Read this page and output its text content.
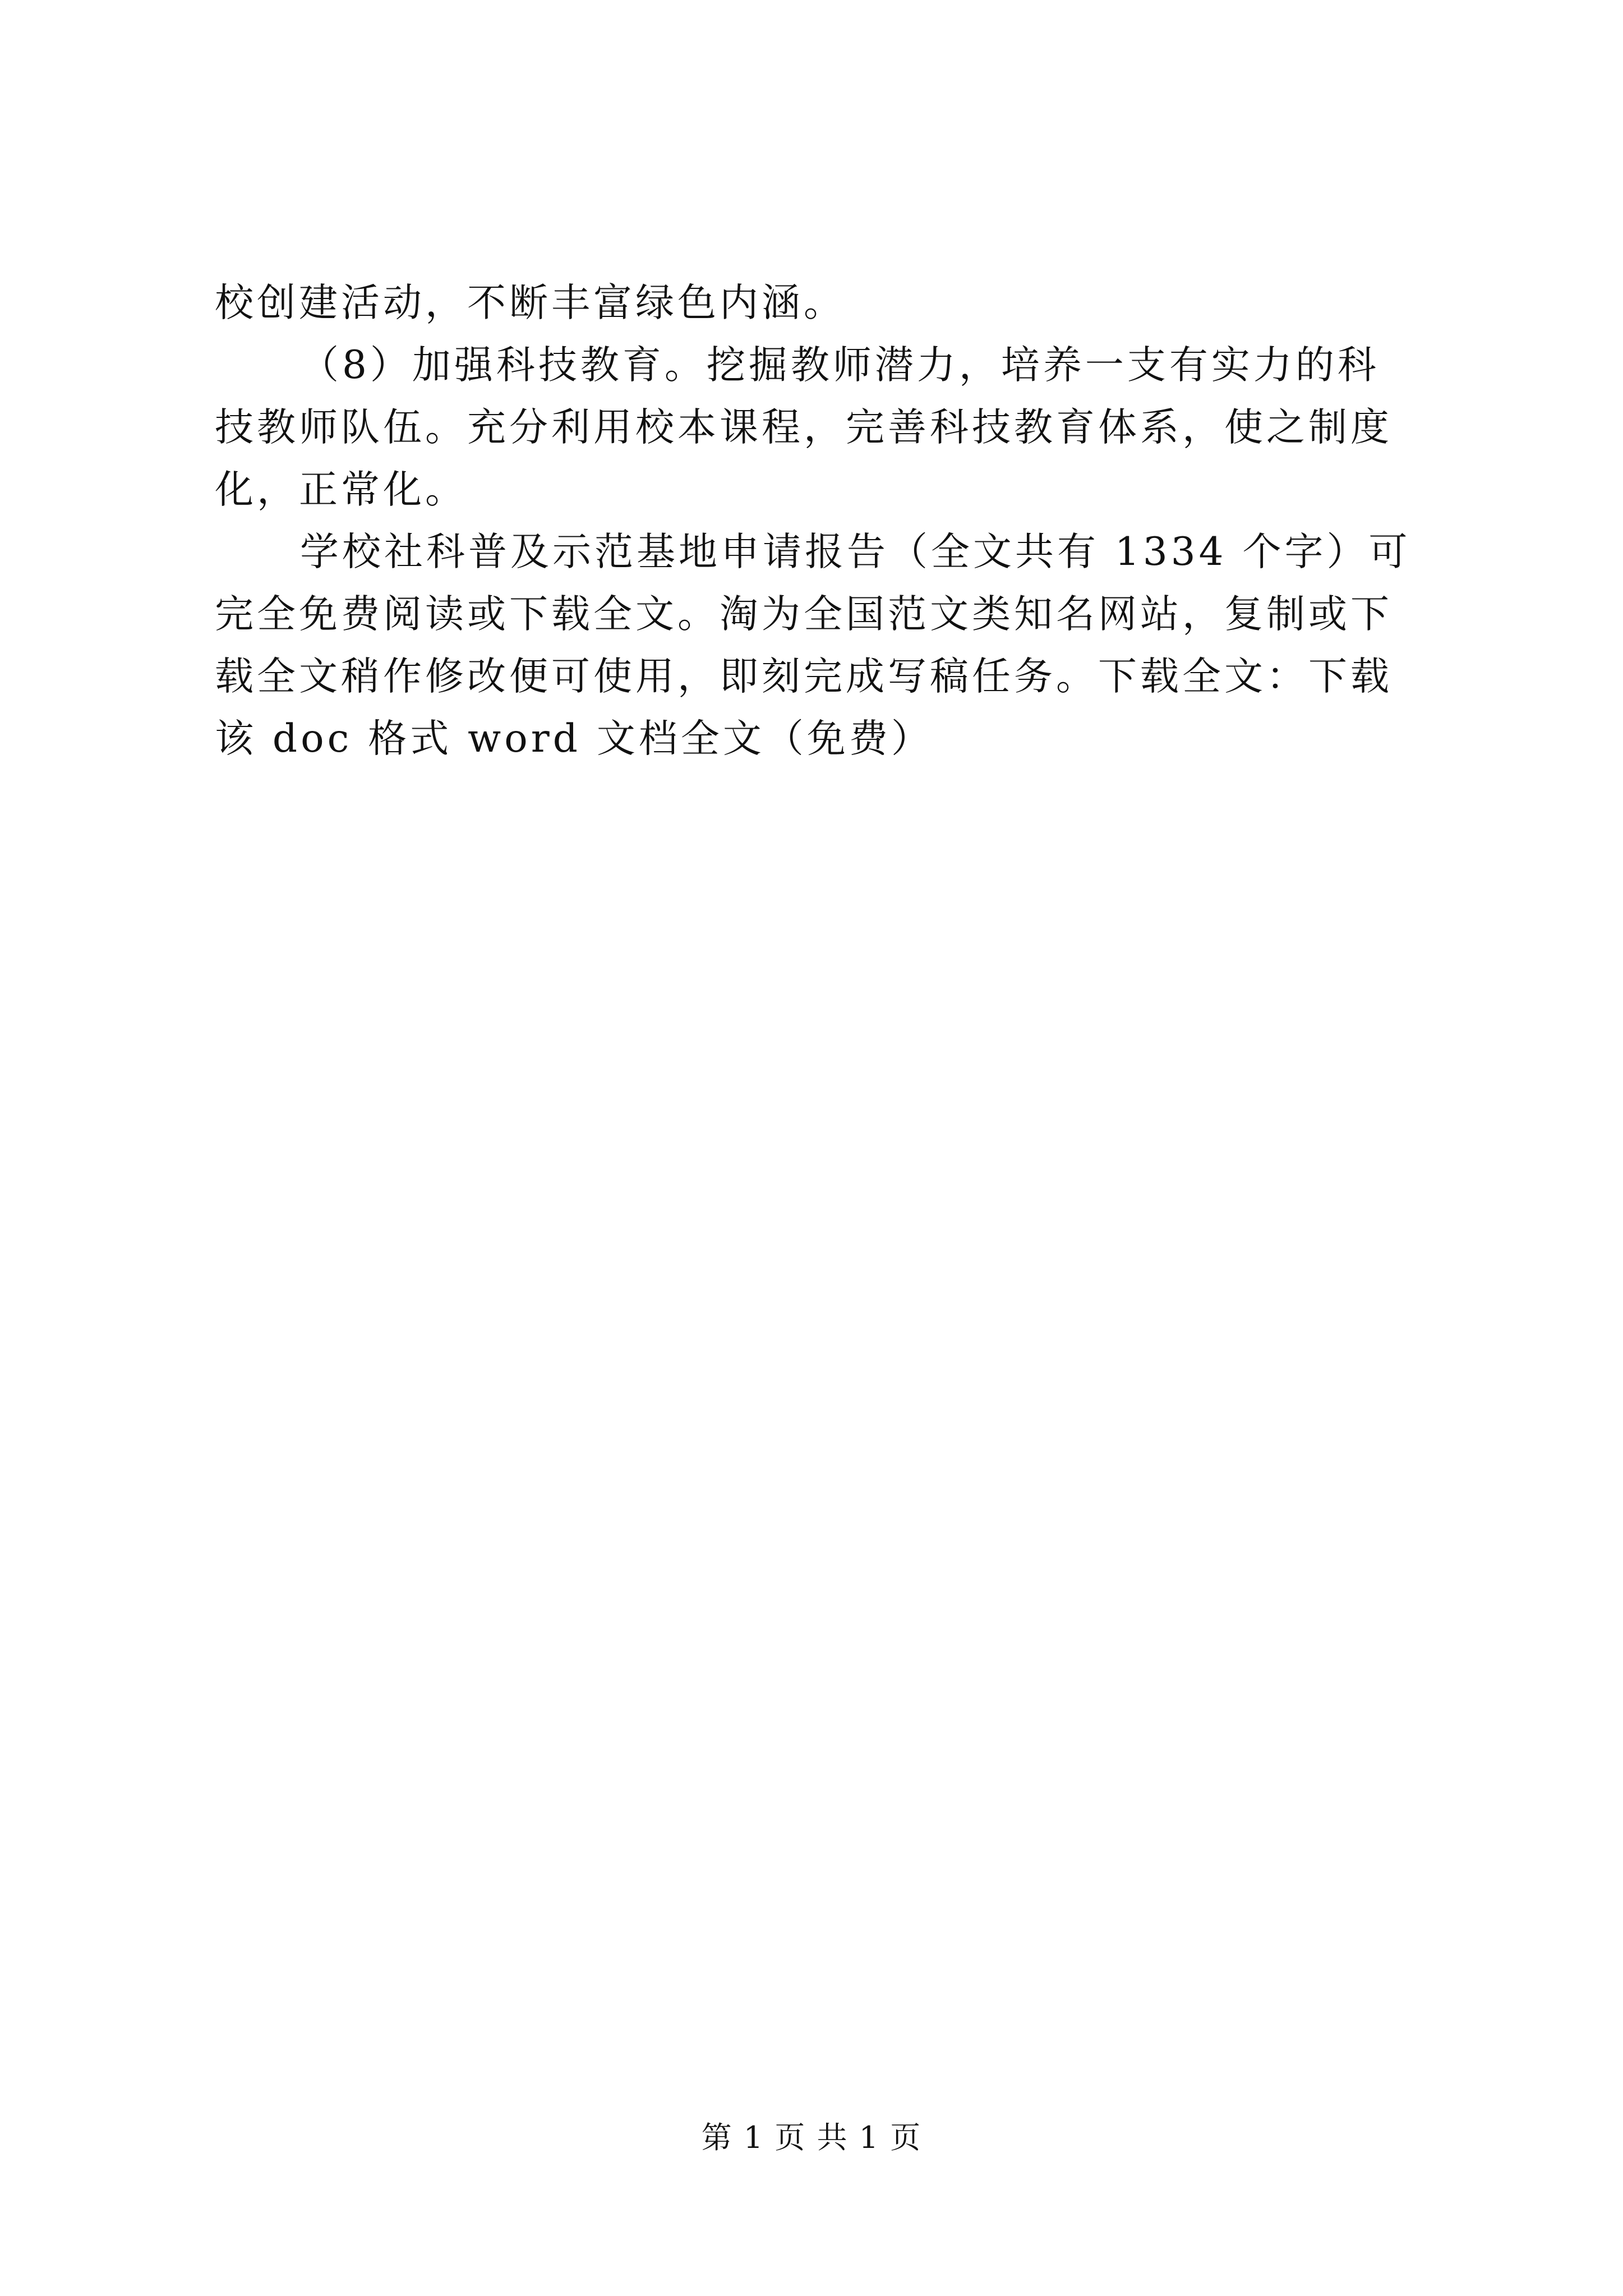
校创建活动，不断丰富绿色内涵。
（8）加强科技教育。挖掘教师潜力，培养一支有实力的科
技教师队伍。充分利用校本课程，完善科技教育体系，使之制度
化，正常化。
学校社科普及示范基地申请报告（全文共有 1334 个字）可
完全免费阅读或下载全文。淘为全国范文类知名网站，复制或下
载全文稍作修改便可使用，即刻完成写稿任务。下载全文：下载
该 doc 格式 word 文档全文（免费）
第 1 页 共 1 页
